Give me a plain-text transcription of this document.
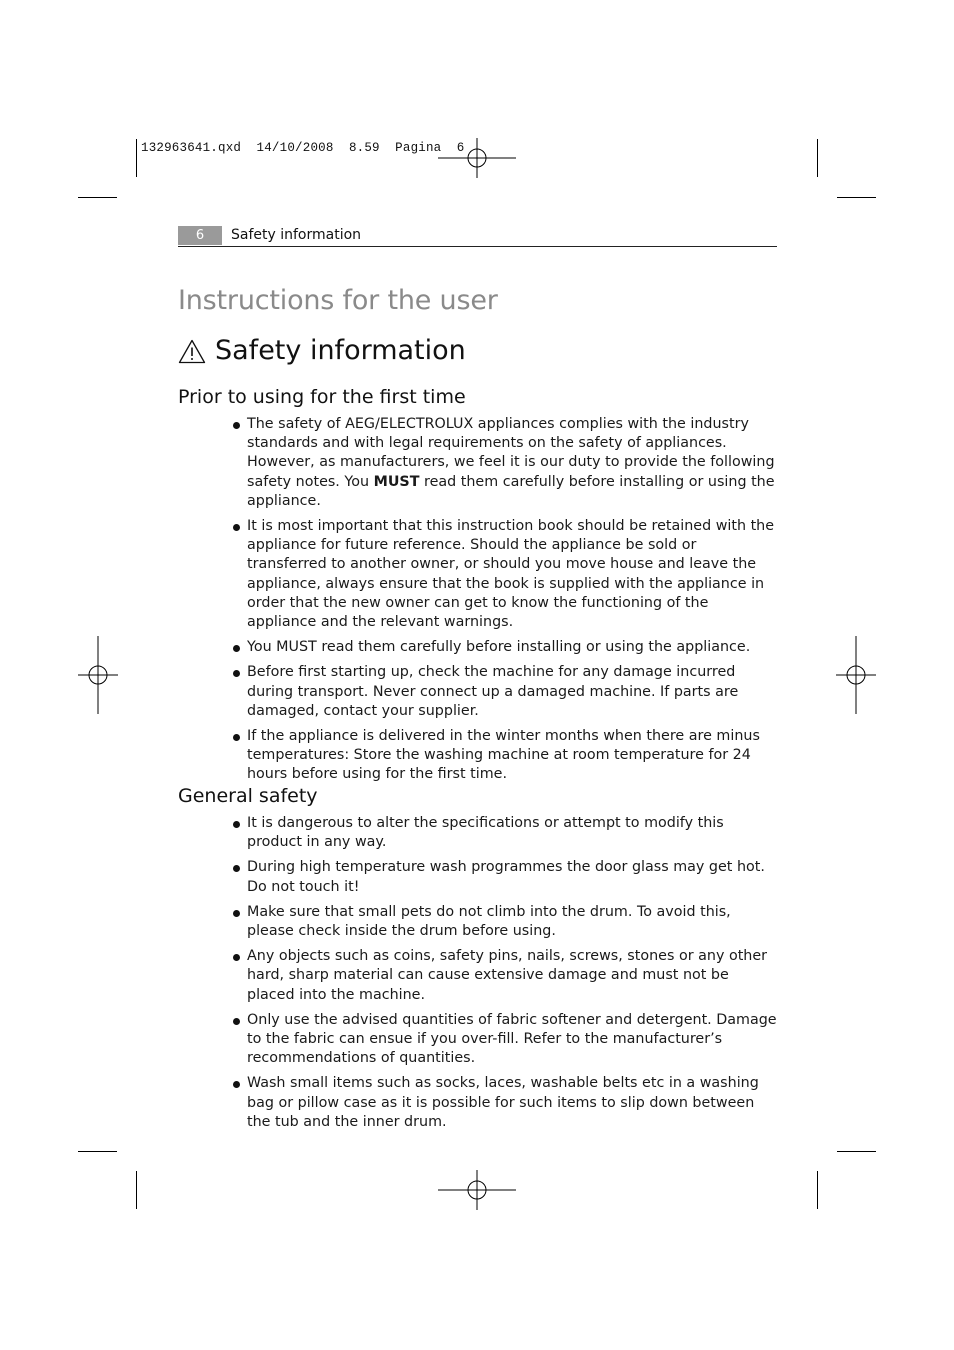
132963641.qxd 14/10/2008 8.59 Pagina 6
6	Safety information
Instructions for the user
Safety information
Prior to using for the first time
The safety of AEG/ELECTROLUX appliances complies with the industry standards and with legal requirements on the safety of appliances. However, as manufacturers, we feel it is our duty to provide the following safety notes. You MUST read them carefully before installing or using the appliance.
It is most important that this instruction book should be retained with the appliance for future reference. Should the appliance be sold or transferred to another owner, or should you move house and leave the appliance, always ensure that the book is supplied with the appliance in order that the new owner can get to know the functioning of the appliance and the relevant warnings.
You MUST read them carefully before installing or using the appliance.
Before first starting up, check the machine for any damage incurred during transport. Never connect up a damaged machine. If parts are damaged, contact your supplier.
If the appliance is delivered in the winter months when there are minus temperatures: Store the washing machine at room temperature for 24 hours before using for the first time.
General safety
It is dangerous to alter the specifications or attempt to modify this product in any way.
During high temperature wash programmes the door glass may get hot. Do not touch it!
Make sure that small pets do not climb into the drum. To avoid this, please check inside the drum before using.
Any objects such as coins, safety pins, nails, screws, stones or any other hard, sharp material can cause extensive damage and must not be placed into the machine.
Only use the advised quantities of fabric softener and detergent. Damage to the fabric can ensue if you over-fill. Refer to the manufacturer’s recommendations of quantities.
Wash small items such as socks, laces, washable belts etc in a washing bag or pillow case as it is possible for such items to slip down between the tub and the inner drum.
